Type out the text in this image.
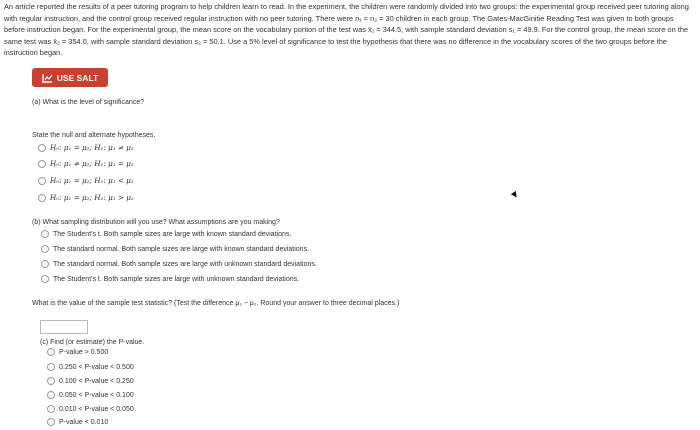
An article reported the results of a peer tutoring program to help children learn to read. In the experiment, the children were randomly divided into two groups: the experimental group received peer tutoring along with regular instruction, and the control group received regular instruction with no peer tutoring. There were n₁ = n₂ = 30 children in each group. The Gates-MacGinitie Reading Test was given to both groups before instruction began. For the experimental group, the mean score on the vocabulary portion of the test was x̄₁ = 344.5, with sample standard deviation s₁ = 49.9. For the control group, the mean score on the same test was x̄₂ = 354.0, with sample standard deviation s₂ = 50.1. Use a 5% level of significance to test the hypothesis that there was no difference in the vocabulary scores of the two groups before the instruction began.
USE SALT
(a) What is the level of significance?
State the null and alternate hypotheses.
H₀: μ₁ = μ₂; H₁: μ₁ ≠ μ₂
H₀: μ₁ ≠ μ₂; H₁: μ₁ = μ₂
H₀: μ₁ = μ₂; H₁: μ₁ < μ₂
H₀: μ₁ = μ₂; H₁: μ₁ > μ₂
(b) What sampling distribution will you use? What assumptions are you making?
The Student's t. Both sample sizes are large with known standard deviations.
The standard normal. Both sample sizes are large with known standard deviations.
The standard normal. Both sample sizes are large with unknown standard deviations.
The Student's t. Both sample sizes are large with unknown standard deviations.
What is the value of the sample test statistic? (Test the difference μ₁ − μ₂. Round your answer to three decimal places.)
(c) Find (or estimate) the P-value.
P-value > 0.500
0.250 < P-value < 0.500
0.100 < P-value < 0.250
0.050 < P-value < 0.100
0.010 < P-value < 0.050
P-value < 0.010
